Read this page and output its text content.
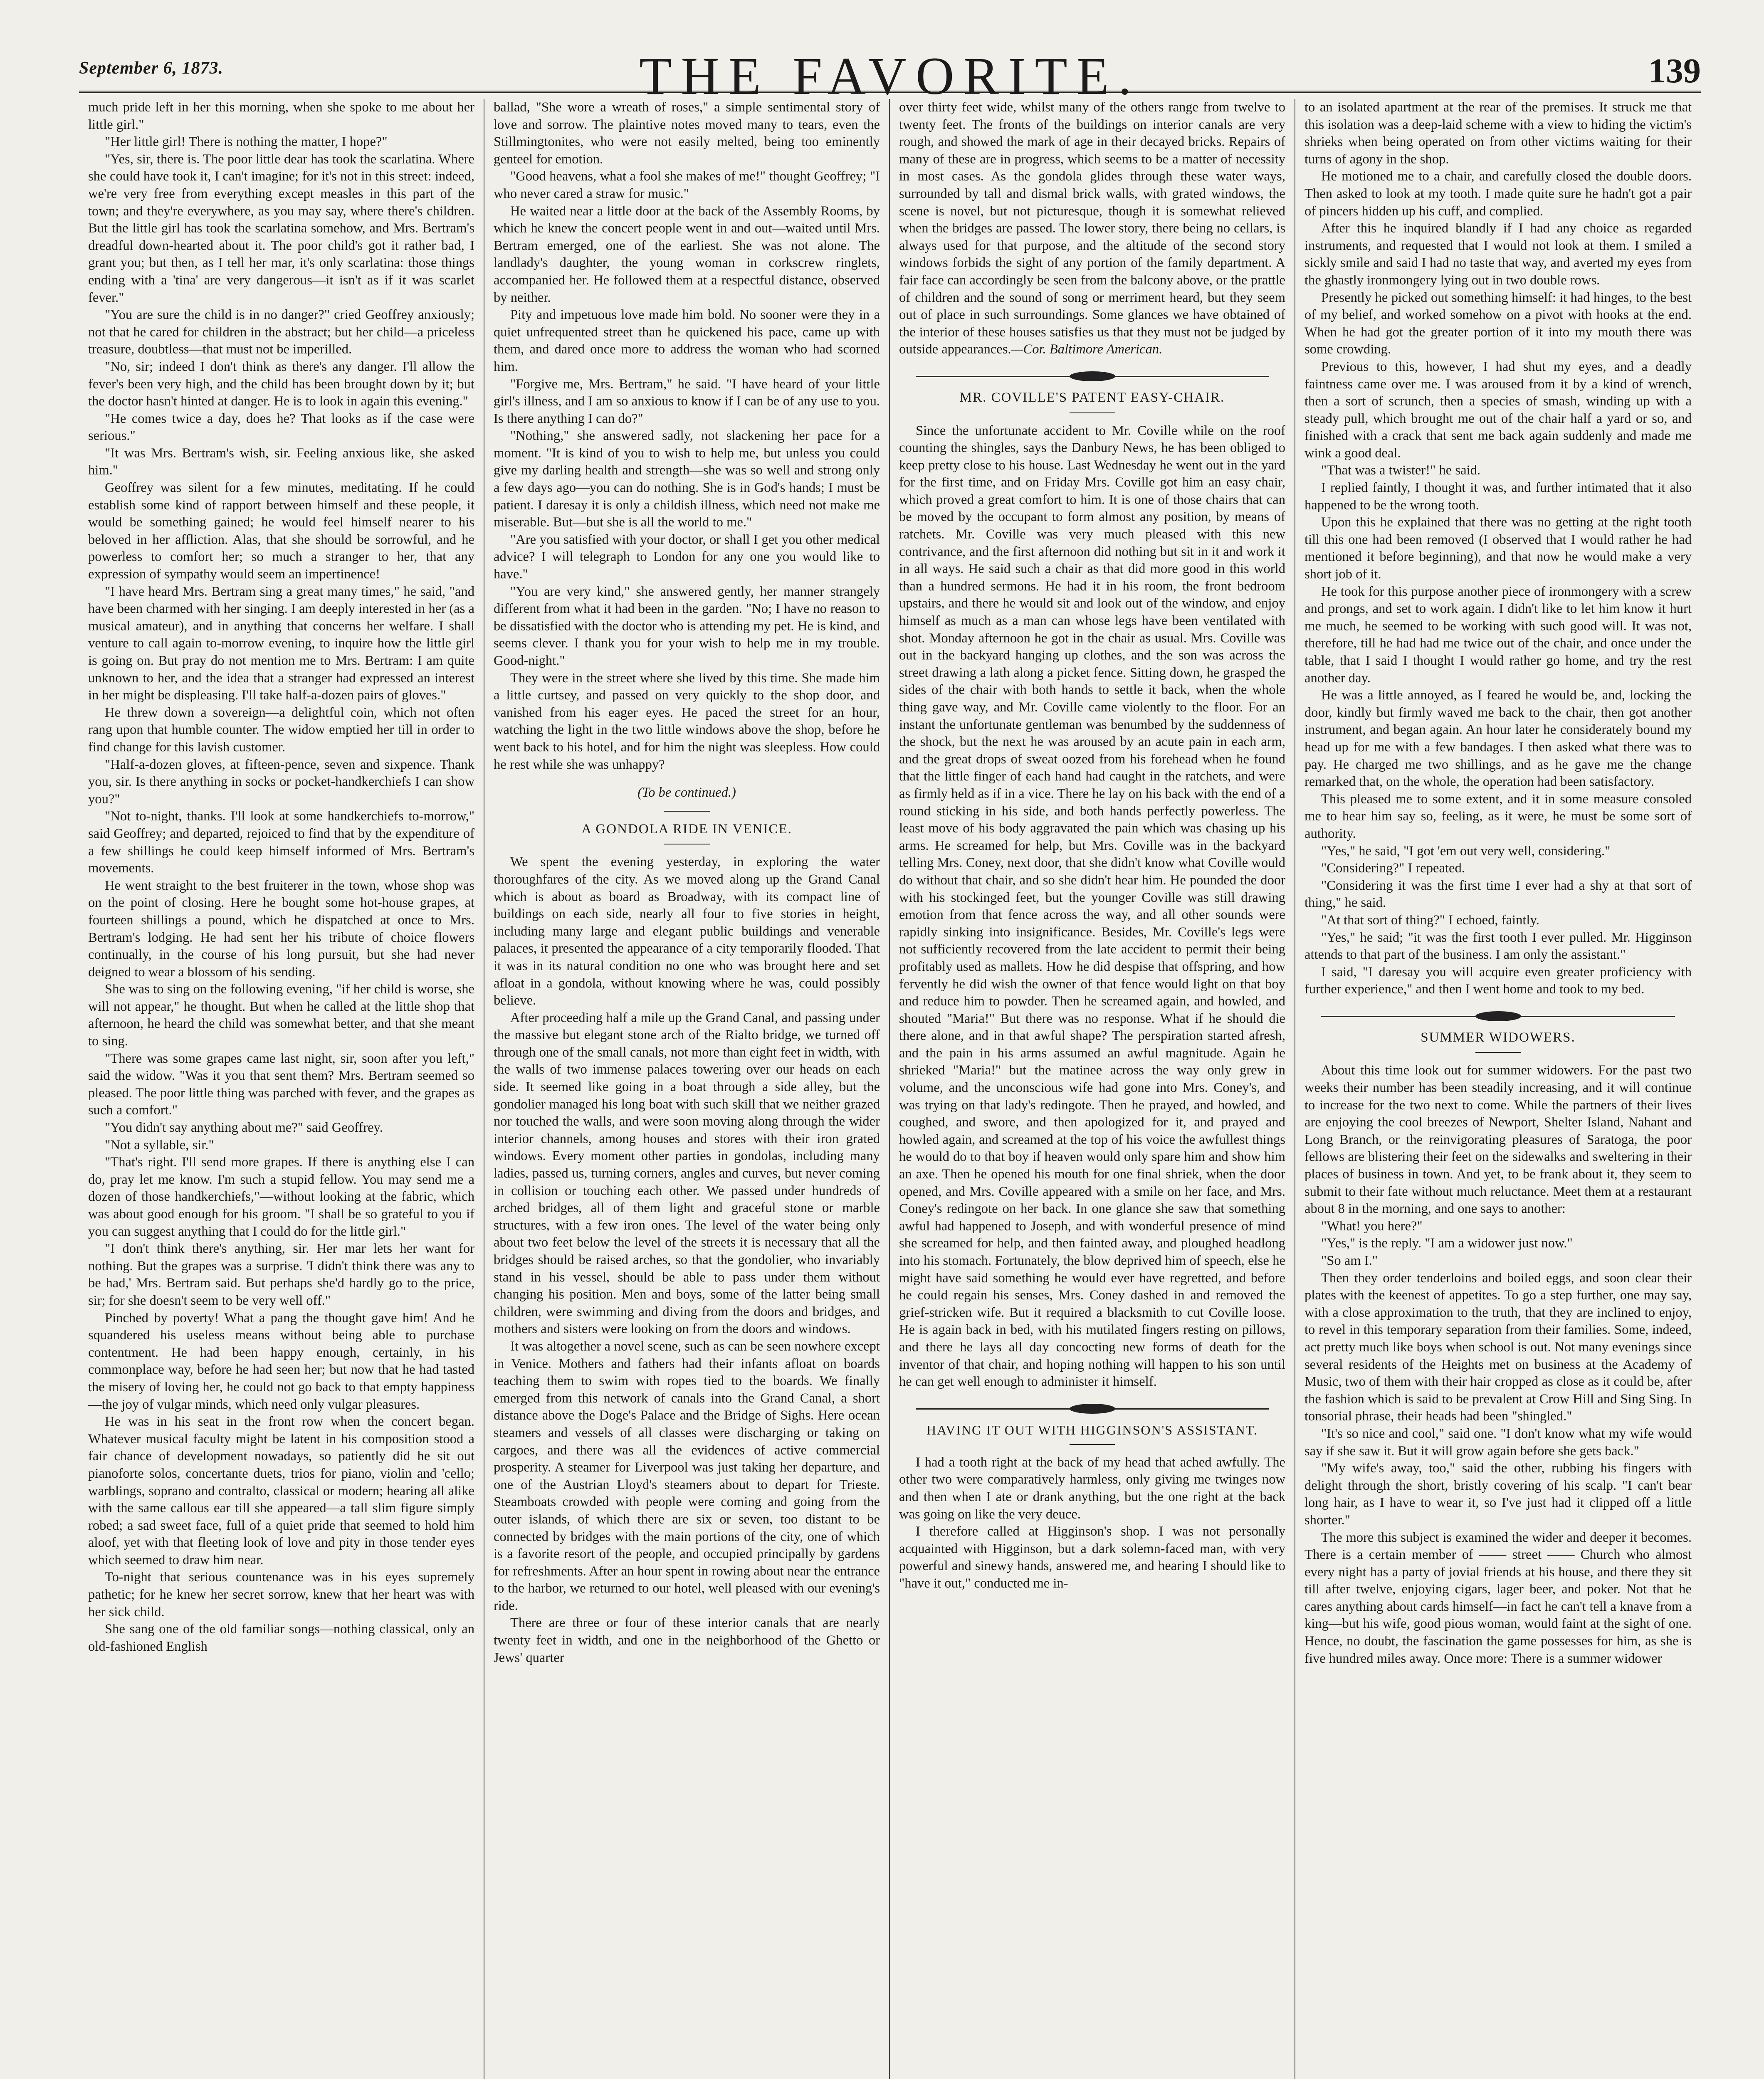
September 6, 1873.	THE FAVORITE.	139

much pride left in her this morning, when she spoke to me about her little girl."

"Her little girl! There is nothing the matter, I hope?"

"Yes, sir, there is. The poor little dear has took the scarlatina. Where she could have took it, I can't imagine; for it's not in this street: indeed, we're very free from everything except measles in this part of the town; and they're everywhere, as you may say, where there's children. But the little girl has took the scarlatina somehow, and Mrs. Bertram's dreadful down-hearted about it. The poor child's got it rather bad, I grant you; but then, as I tell her mar, it's only scarlatina: those things ending with a 'tina' are very dangerous—it isn't as if it was scarlet fever."

"You are sure the child is in no danger?" cried Geoffrey anxiously; not that he cared for children in the abstract; but her child—a priceless treasure, doubtless—that must not be imperilled.

"No, sir; indeed I don't think as there's any danger. I'll allow the fever's been very high, and the child has been brought down by it; but the doctor hasn't hinted at danger. He is to look in again this evening."

"He comes twice a day, does he? That looks as if the case were serious."

"It was Mrs. Bertram's wish, sir. Feeling anxious like, she asked him."

Geoffrey was silent for a few minutes, meditating. If he could establish some kind of rapport between himself and these people, it would be something gained; he would feel himself nearer to his beloved in her affliction. Alas, that she should be sorrowful, and he powerless to comfort her; so much a stranger to her, that any expression of sympathy would seem an impertinence!

"I have heard Mrs. Bertram sing a great many times," he said, "and have been charmed with her singing. I am deeply interested in her (as a musical amateur), and in anything that concerns her welfare. I shall venture to call again to-morrow evening, to inquire how the little girl is going on. But pray do not mention me to Mrs. Bertram: I am quite unknown to her, and the idea that a stranger had expressed an interest in her might be displeasing. I'll take half-a-dozen pairs of gloves."

He threw down a sovereign—a delightful coin, which not often rang upon that humble counter. The widow emptied her till in order to find change for this lavish customer.

"Half-a-dozen gloves, at fifteen-pence, seven and sixpence. Thank you, sir. Is there anything in socks or pocket-handkerchiefs I can show you?"

"Not to-night, thanks. I'll look at some handkerchiefs to-morrow," said Geoffrey; and departed, rejoiced to find that by the expenditure of a few shillings he could keep himself informed of Mrs. Bertram's movements.

He went straight to the best fruiterer in the town, whose shop was on the point of closing. Here he bought some hot-house grapes, at fourteen shillings a pound, which he dispatched at once to Mrs. Bertram's lodging. He had sent her his tribute of choice flowers continually, in the course of his long pursuit, but she had never deigned to wear a blossom of his sending.

She was to sing on the following evening, "if her child is worse, she will not appear," he thought. But when he called at the little shop that afternoon, he heard the child was somewhat better, and that she meant to sing.

"There was some grapes came last night, sir, soon after you left," said the widow. "Was it you that sent them? Mrs. Bertram seemed so pleased. The poor little thing was parched with fever, and the grapes as such a comfort."

"You didn't say anything about me?" said Geoffrey.

"Not a syllable, sir."

"That's right. I'll send more grapes. If there is anything else I can do, pray let me know. I'm such a stupid fellow. You may send me a dozen of those handkerchiefs,"—without looking at the fabric, which was about good enough for his groom. "I shall be so grateful to you if you can suggest anything that I could do for the little girl."

"I don't think there's anything, sir. Her mar lets her want for nothing. But the grapes was a surprise. 'I didn't think there was any to be had,' Mrs. Bertram said. But perhaps she'd hardly go to the price, sir; for she doesn't seem to be very well off."

Pinched by poverty! What a pang the thought gave him! And he squandered his useless means without being able to purchase contentment. He had been happy enough, certainly, in his commonplace way, before he had seen her; but now that he had tasted the misery of loving her, he could not go back to that empty happiness—the joy of vulgar minds, which need only vulgar pleasures.

He was in his seat in the front row when the concert began. Whatever musical faculty might be latent in his composition stood a fair chance of development nowadays, so patiently did he sit out pianoforte solos, concertante duets, trios for piano, violin and 'cello; warblings, soprano and contralto, classical or modern; hearing all alike with the same callous ear till she appeared—a tall slim figure simply robed; a sad sweet face, full of a quiet pride that seemed to hold him aloof, yet with that fleeting look of love and pity in those tender eyes which seemed to draw him near.

To-night that serious countenance was in his eyes supremely pathetic; for he knew her secret sorrow, knew that her heart was with her sick child.

She sang one of the old familiar songs—nothing classical, only an old-fashioned English

ballad, "She wore a wreath of roses," a simple sentimental story of love and sorrow. The plaintive notes moved many to tears, even the Stillmingtonites, who were not easily melted, being too eminently genteel for emotion.

"Good heavens, what a fool she makes of me!" thought Geoffrey; "I who never cared a straw for music."

He waited near a little door at the back of the Assembly Rooms, by which he knew the concert people went in and out—waited until Mrs. Bertram emerged, one of the earliest. She was not alone. The landlady's daughter, the young woman in corkscrew ringlets, accompanied her. He followed them at a respectful distance, observed by neither.

Pity and impetuous love made him bold. No sooner were they in a quiet unfrequented street than he quickened his pace, came up with them, and dared once more to address the woman who had scorned him.

"Forgive me, Mrs. Bertram," he said. "I have heard of your little girl's illness, and I am so anxious to know if I can be of any use to you. Is there anything I can do?"

"Nothing," she answered sadly, not slackening her pace for a moment. "It is kind of you to wish to help me, but unless you could give my darling health and strength—she was so well and strong only a few days ago—you can do nothing. She is in God's hands; I must be patient. I daresay it is only a childish illness, which need not make me miserable. But—but she is all the world to me."

"Are you satisfied with your doctor, or shall I get you other medical advice? I will telegraph to London for any one you would like to have."

"You are very kind," she answered gently, her manner strangely different from what it had been in the garden. "No; I have no reason to be dissatisfied with the doctor who is attending my pet. He is kind, and seems clever. I thank you for your wish to help me in my trouble. Good-night."

They were in the street where she lived by this time. She made him a little curtsey, and passed on very quickly to the shop door, and vanished from his eager eyes. He paced the street for an hour, watching the light in the two little windows above the shop, before he went back to his hotel, and for him the night was sleepless. How could he rest while she was unhappy?

(To be continued.)

A GONDOLA RIDE IN VENICE.

We spent the evening yesterday, in exploring the water thoroughfares of the city. As we moved along up the Grand Canal which is about as board as Broadway, with its compact line of buildings on each side, nearly all four to five stories in height, including many large and elegant public buildings and venerable palaces, it presented the appearance of a city temporarily flooded. That it was in its natural condition no one who was brought here and set afloat in a gondola, without knowing where he was, could possibly believe.

After proceeding half a mile up the Grand Canal, and passing under the massive but elegant stone arch of the Rialto bridge, we turned off through one of the small canals, not more than eight feet in width, with the walls of two immense palaces towering over our heads on each side. It seemed like going in a boat through a side alley, but the gondolier managed his long boat with such skill that we neither grazed nor touched the walls, and were soon moving along through the wider interior channels, among houses and stores with their iron grated windows. Every moment other parties in gondolas, including many ladies, passed us, turning corners, angles and curves, but never coming in collision or touching each other. We passed under hundreds of arched bridges, all of them light and graceful stone or marble structures, with a few iron ones. The level of the water being only about two feet below the level of the streets it is necessary that all the bridges should be raised arches, so that the gondolier, who invariably stand in his vessel, should be able to pass under them without changing his position. Men and boys, some of the latter being small children, were swimming and diving from the doors and bridges, and mothers and sisters were looking on from the doors and windows.

It was altogether a novel scene, such as can be seen nowhere except in Venice. Mothers and fathers had their infants afloat on boards teaching them to swim with ropes tied to the boards. We finally emerged from this network of canals into the Grand Canal, a short distance above the Doge's Palace and the Bridge of Sighs. Here ocean steamers and vessels of all classes were discharging or taking on cargoes, and there was all the evidences of active commercial prosperity. A steamer for Liverpool was just taking her departure, and one of the Austrian Lloyd's steamers about to depart for Trieste. Steamboats crowded with people were coming and going from the outer islands, of which there are six or seven, too distant to be connected by bridges with the main portions of the city, one of which is a favorite resort of the people, and occupied principally by gardens for refreshments. After an hour spent in rowing about near the entrance to the harbor, we returned to our hotel, well pleased with our evening's ride.

There are three or four of these interior canals that are nearly twenty feet in width, and one in the neighborhood of the Ghetto or Jews' quarter

over thirty feet wide, whilst many of the others range from twelve to twenty feet. The fronts of the buildings on interior canals are very rough, and showed the mark of age in their decayed bricks. Repairs of many of these are in progress, which seems to be a matter of necessity in most cases. As the gondola glides through these water ways, surrounded by tall and dismal brick walls, with grated windows, the scene is novel, but not picturesque, though it is somewhat relieved when the bridges are passed. The lower story, there being no cellars, is always used for that purpose, and the altitude of the second story windows forbids the sight of any portion of the family department. A fair face can accordingly be seen from the balcony above, or the prattle of children and the sound of song or merriment heard, but they seem out of place in such surroundings. Some glances we have obtained of the interior of these houses satisfies us that they must not be judged by outside appearances.—Cor. Baltimore American.

MR. COVILLE'S PATENT EASY-CHAIR.

Since the unfortunate accident to Mr. Coville while on the roof counting the shingles, says the Danbury News, he has been obliged to keep pretty close to his house. Last Wednesday he went out in the yard for the first time, and on Friday Mrs. Coville got him an easy chair, which proved a great comfort to him. It is one of those chairs that can be moved by the occupant to form almost any position, by means of ratchets. Mr. Coville was very much pleased with this new contrivance, and the first afternoon did nothing but sit in it and work it in all ways. He said such a chair as that did more good in this world than a hundred sermons. He had it in his room, the front bedroom upstairs, and there he would sit and look out of the window, and enjoy himself as much as a man can whose legs have been ventilated with shot. Monday afternoon he got in the chair as usual. Mrs. Coville was out in the backyard hanging up clothes, and the son was across the street drawing a lath along a picket fence. Sitting down, he grasped the sides of the chair with both hands to settle it back, when the whole thing gave way, and Mr. Coville came violently to the floor. For an instant the unfortunate gentleman was benumbed by the suddenness of the shock, but the next he was aroused by an acute pain in each arm, and the great drops of sweat oozed from his forehead when he found that the little finger of each hand had caught in the ratchets, and were as firmly held as if in a vice. There he lay on his back with the end of a round sticking in his side, and both hands perfectly powerless. The least move of his body aggravated the pain which was chasing up his arms. He screamed for help, but Mrs. Coville was in the backyard telling Mrs. Coney, next door, that she didn't know what Coville would do without that chair, and so she didn't hear him. He pounded the door with his stockinged feet, but the younger Coville was still drawing emotion from that fence across the way, and all other sounds were rapidly sinking into insignificance. Besides, Mr. Coville's legs were not sufficiently recovered from the late accident to permit their being profitably used as mallets. How he did despise that offspring, and how fervently he did wish the owner of that fence would light on that boy and reduce him to powder. Then he screamed again, and howled, and shouted "Maria!" But there was no response. What if he should die there alone, and in that awful shape? The perspiration started afresh, and the pain in his arms assumed an awful magnitude. Again he shrieked "Maria!" but the matinee across the way only grew in volume, and the unconscious wife had gone into Mrs. Coney's, and was trying on that lady's redingote. Then he prayed, and howled, and coughed, and swore, and then apologized for it, and prayed and howled again, and screamed at the top of his voice the awfullest things he would do to that boy if heaven would only spare him and show him an axe. Then he opened his mouth for one final shriek, when the door opened, and Mrs. Coville appeared with a smile on her face, and Mrs. Coney's redingote on her back. In one glance she saw that something awful had happened to Joseph, and with wonderful presence of mind she screamed for help, and then fainted away, and ploughed headlong into his stomach. Fortunately, the blow deprived him of speech, else he might have said something he would ever have regretted, and before he could regain his senses, Mrs. Coney dashed in and removed the grief-stricken wife. But it required a blacksmith to cut Coville loose. He is again back in bed, with his mutilated fingers resting on pillows, and there he lays all day concocting new forms of death for the inventor of that chair, and hoping nothing will happen to his son until he can get well enough to administer it himself.

HAVING IT OUT WITH HIGGINSON'S ASSISTANT.

I had a tooth right at the back of my head that ached awfully. The other two were comparatively harmless, only giving me twinges now and then when I ate or drank anything, but the one right at the back was going on like the very deuce.

I therefore called at Higginson's shop. I was not personally acquainted with Higginson, but a dark solemn-faced man, with very powerful and sinewy hands, answered me, and hearing I should like to "have it out," conducted me in-

to an isolated apartment at the rear of the premises. It struck me that this isolation was a deep-laid scheme with a view to hiding the victim's shrieks when being operated on from other victims waiting for their turns of agony in the shop.

He motioned me to a chair, and carefully closed the double doors. Then asked to look at my tooth. I made quite sure he hadn't got a pair of pincers hidden up his cuff, and complied.

After this he inquired blandly if I had any choice as regarded instruments, and requested that I would not look at them. I smiled a sickly smile and said I had no taste that way, and averted my eyes from the ghastly ironmongery lying out in two double rows.

Presently he picked out something himself: it had hinges, to the best of my belief, and worked somehow on a pivot with hooks at the end. When he had got the greater portion of it into my mouth there was some crowding.

Previous to this, however, I had shut my eyes, and a deadly faintness came over me. I was aroused from it by a kind of wrench, then a sort of scrunch, then a species of smash, winding up with a steady pull, which brought me out of the chair half a yard or so, and finished with a crack that sent me back again suddenly and made me wink a good deal.

"That was a twister!" he said.

I replied faintly, I thought it was, and further intimated that it also happened to be the wrong tooth.

Upon this he explained that there was no getting at the right tooth till this one had been removed (I observed that I would rather he had mentioned it before beginning), and that now he would make a very short job of it.

He took for this purpose another piece of ironmongery with a screw and prongs, and set to work again. I didn't like to let him know it hurt me much, he seemed to be working with such good will. It was not, therefore, till he had had me twice out of the chair, and once under the table, that I said I thought I would rather go home, and try the rest another day.

He was a little annoyed, as I feared he would be, and, locking the door, kindly but firmly waved me back to the chair, then got another instrument, and began again. An hour later he considerately bound my head up for me with a few bandages. I then asked what there was to pay. He charged me two shillings, and as he gave me the change remarked that, on the whole, the operation had been satisfactory.

This pleased me to some extent, and it in some measure consoled me to hear him say so, feeling, as it were, he must be some sort of authority.

"Yes," he said, "I got 'em out very well, considering."

"Considering?" I repeated.

"Considering it was the first time I ever had a shy at that sort of thing," he said.

"At that sort of thing?" I echoed, faintly.

"Yes," he said; "it was the first tooth I ever pulled. Mr. Higginson attends to that part of the business. I am only the assistant."

I said, "I daresay you will acquire even greater proficiency with further experience," and then I went home and took to my bed.

SUMMER WIDOWERS.

About this time look out for summer widowers. For the past two weeks their number has been steadily increasing, and it will continue to increase for the two next to come. While the partners of their lives are enjoying the cool breezes of Newport, Shelter Island, Nahant and Long Branch, or the reinvigorating pleasures of Saratoga, the poor fellows are blistering their feet on the sidewalks and sweltering in their places of business in town. And yet, to be frank about it, they seem to submit to their fate without much reluctance. Meet them at a restaurant about 8 in the morning, and one says to another:

"What! you here?"

"Yes," is the reply. "I am a widower just now."

"So am I."

Then they order tenderloins and boiled eggs, and soon clear their plates with the keenest of appetites. To go a step further, one may say, with a close approximation to the truth, that they are inclined to enjoy, to revel in this temporary separation from their families. Some, indeed, act pretty much like boys when school is out. Not many evenings since several residents of the Heights met on business at the Academy of Music, two of them with their hair cropped as close as it could be, after the fashion which is said to be prevalent at Crow Hill and Sing Sing. In tonsorial phrase, their heads had been "shingled."

"It's so nice and cool," said one. "I don't know what my wife would say if she saw it. But it will grow again before she gets back."

"My wife's away, too," said the other, rubbing his fingers with delight through the short, bristly covering of his scalp. "I can't bear long hair, as I have to wear it, so I've just had it clipped off a little shorter."

The more this subject is examined the wider and deeper it becomes. There is a certain member of —— street —— Church who almost every night has a party of jovial friends at his house, and there they sit till after twelve, enjoying cigars, lager beer, and poker. Not that he cares anything about cards himself—in fact he can't tell a knave from a king—but his wife, good pious woman, would faint at the sight of one. Hence, no doubt, the fascination the game possesses for him, as she is five hundred miles away. Once more: There is a summer widower
